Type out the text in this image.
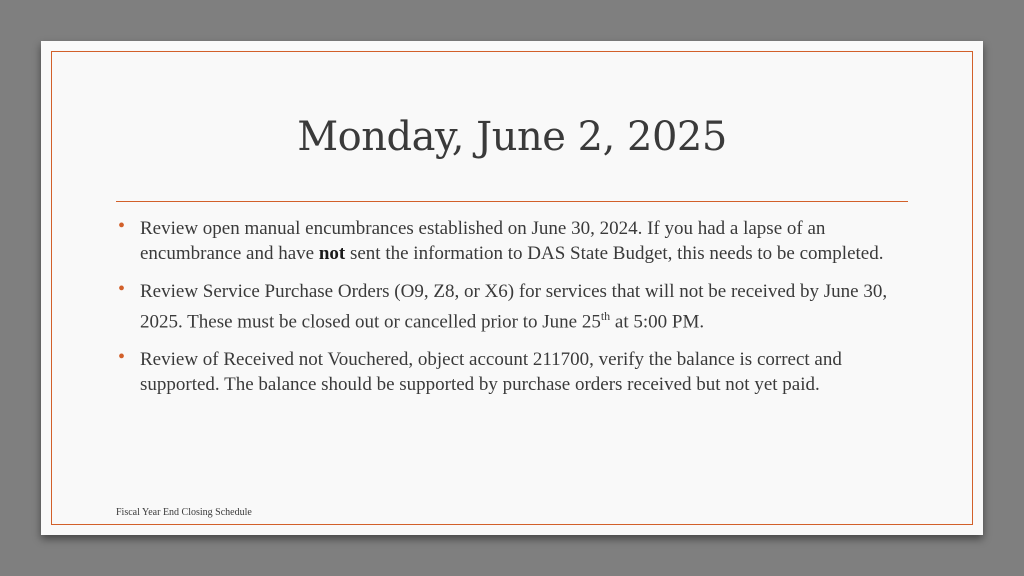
Monday, June 2, 2025
• Review open manual encumbrances established on June 30, 2024. If you had a lapse of an encumbrance and have not sent the information to DAS State Budget, this needs to be completed.
• Review Service Purchase Orders (O9, Z8, or X6) for services that will not be received by June 30, 2025. These must be closed out or cancelled prior to June 25th at 5:00 PM.
• Review of Received not Vouchered, object account 211700, verify the balance is correct and supported. The balance should be supported by purchase orders received but not yet paid.
Fiscal Year End Closing Schedule
